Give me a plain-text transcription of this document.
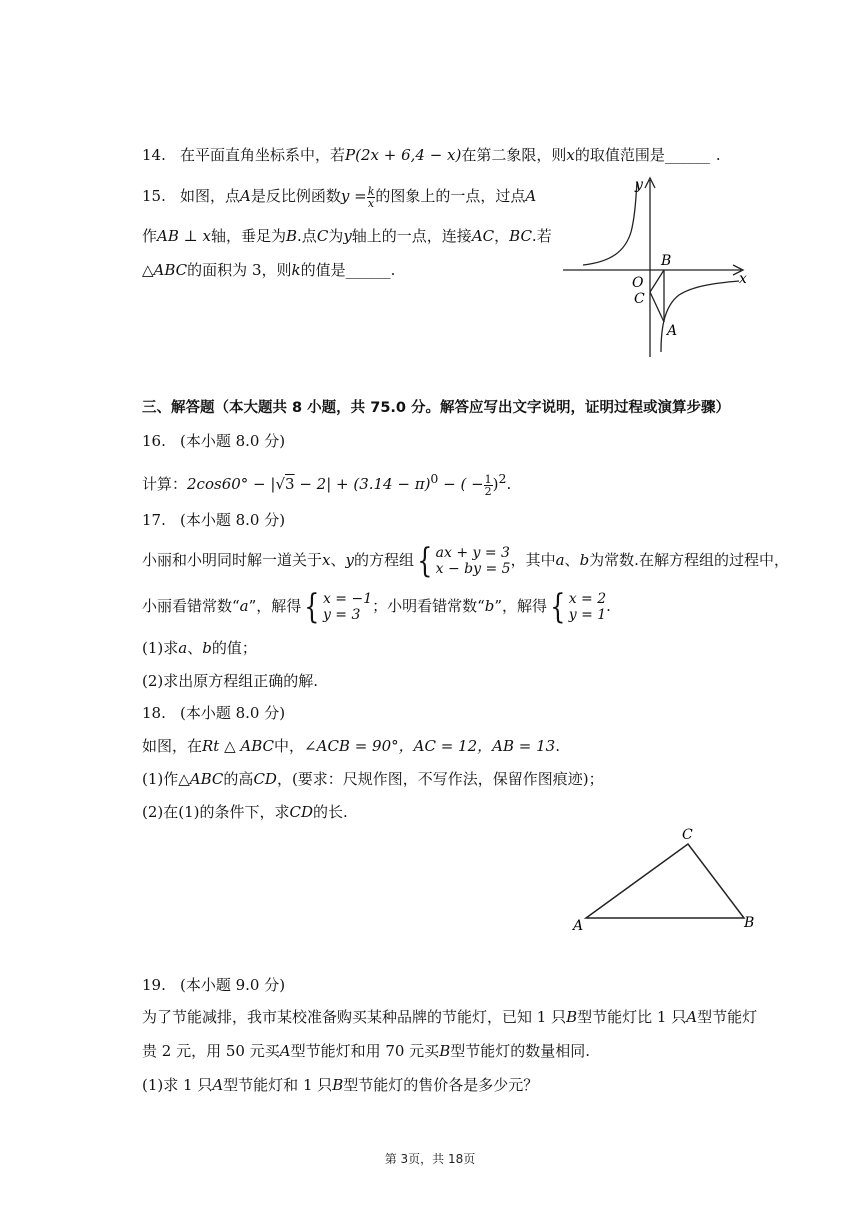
14. 在平面直角坐标系中，若P(2x + 6,4 − x)在第二象限，则x的取值范围是______ .
15. 如图，点A是反比例函数$y = \frac{k}{x}$ 的图象上的一点，过点A
作AB ⊥ x轴，垂足为B.点C为y轴上的一点，连接AC，BC.若
△ABC的面积为 3，则k的值是______.
y
x
O
B
C
A
三、解答题（本大题共 8 小题，共 75.0 分。解答应写出文字说明，证明过程或演算步骤）
16. (本小题 8.0 分)
计算：$2\cos 60^\circ - |√3 - 2| + (3.14 - \pi)^0$ − ( − $\frac{1}{2} )^2$.
17. (本小题 8.0 分)
小丽和小明同时解一道关于x、y的方程组 { ax + y = 3
x − by = 5 ，其中a、b为常数.在解方程组的过程中，
小丽看错常数“a”，解得 { x = −1
y = 3 ；小明看错常数“b”，解得 { x = 2
y = 1 .
(1)求a、b的值；
(2)求出原方程组正确的解.
18. (本小题 8.0 分)
如图，在Rt △ ABC中，∠ACB = 90°，AC = 12，AB = 13.
(1)作△ABC的高CD，(要求：尺规作图，不写作法，保留作图痕迹)；
(2)在(1)的条件下，求CD的长.
C
A	B
19. (本小题 9.0 分)
为了节能减排，我市某校准备购买某种品牌的节能灯，已知 1 只B型节能灯比 1 只A型节能灯
贵 2 元，用 50 元买A型节能灯和用 70 元买B型节能灯的数量相同.
(1)求 1 只A型节能灯和 1 只B型节能灯的售价各是多少元？
第 3页，共 18页
